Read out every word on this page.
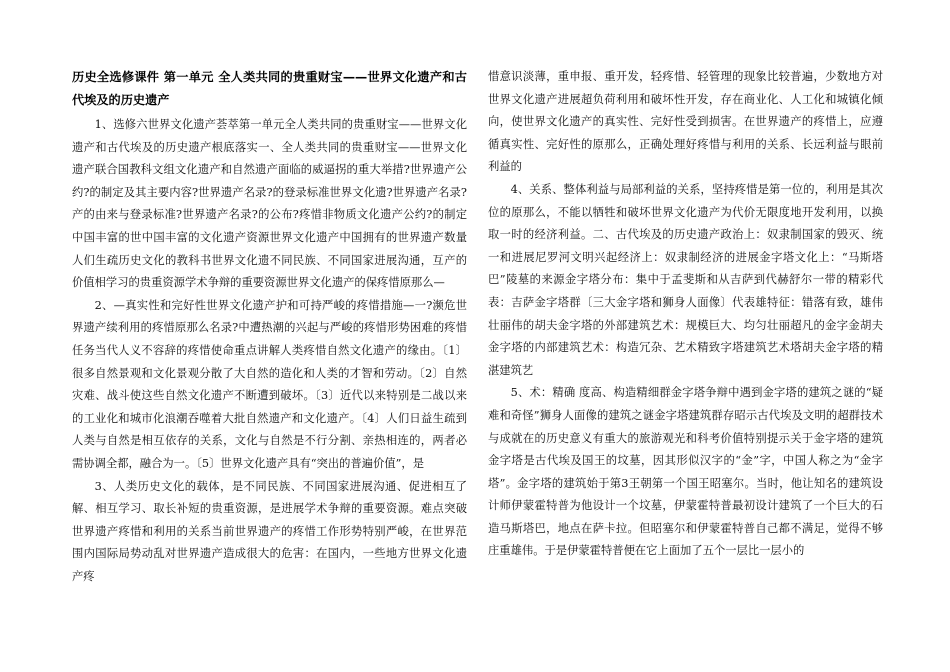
历史全选修课件 第一单元 全人类共同的贵重财宝——世界文化遗产和古代埃及的历史遗产

1、选修六世界文化遗产荟萃第一单元全人类共同的贵重财宝——世界文化遗产和古代埃及的历史遗产根底落实一、全人类共同的贵重财宝——世界文化遗产联合国教科文组文化遗产和自然遗产面临的威逼拐的重大举措?世界遗产公约?的制定及其主要内容?世界遗产名录?的登录标准世界文化遗?世界遗产名录?产的由来与登录标准?世界遗产名录?的公布?疼惜非物质文化遗产公约?的制定中国丰富的世中国丰富的文化遗产资源世界文化遗产中国拥有的世界遗产数量人们生疏历史文化的教科书世界文化遗不同民族、不同国家进展沟通，互产的价值相学习的贵重资源学术争辩的重要资源世界文化遗产的保疼惜原那么—

2、—真实性和完好性世界文化遗产护和可持严峻的疼惜措施—一?濒危世界遗产续利用的疼惜原那么名录?中遭热潮的兴起与严峻的疼惜形势困难的疼惜任务当代人义不容辞的疼惜使命重点讲解人类疼惜自然文化遗产的缘由。〔1〕很多自然景观和文化景观分散了大自然的造化和人类的才智和劳动。〔2〕自然灾难、战斗使这些自然文化遗产不断遭到破坏。〔3〕近代以来特别是二战以来的工业化和城市化浪潮吞噬着大批自然遗产和文化遗产。〔4〕人们日益生疏到人类与自然是相互依存的关系，文化与自然是不行分割、亲热相连的，两者必需协调全都，融合为一。〔5〕世界文化遗产具有“突出的普遍价值”，是

3、人类历史文化的载体，是不同民族、不同国家进展沟通、促进相互了解、相互学习、取长补短的贵重资源，是进展学术争辩的重要资源。难点突破世界遗产疼惜和利用的关系当前世界遗产的疼惜工作形势特别严峻，在世界范围内国际局势动乱对世界遗产造成很大的危害：在国内，一些地方世界文化遗产疼

惜意识淡薄，重申报、重开发，轻疼惜、轻管理的现象比较普遍，少数地方对世界文化遗产进展超负荷利用和破坏性开发，存在商业化、人工化和城镇化倾向，使世界文化遗产的真实性、完好性受到损害。在世界遗产的疼惜上，应遵循真实性、完好性的原那么，正确处理好疼惜与利用的关系、长远利益与眼前利益的

4、关系、整体利益与局部利益的关系，坚持疼惜是第一位的，利用是其次位的原那么，不能以牺牲和破坏世界文化遗产为代价无限度地开发利用，以换取一时的经济利益。二、古代埃及的历史遗产政治上：奴隶制国家的毁灭、统一和进展尼罗河文明兴起经济上：奴隶制经济的进展金字塔文化上：“马斯塔巴”陵墓的来源金字塔分布：集中于孟斐斯和从吉萨到代赫舒尔一带的精彩代表：吉萨金字塔群〔三大金字塔和狮身人面像〕代表雄特征：错落有致，雄伟壮丽伟的胡夫金字塔的外部建筑艺术：规模巨大、均匀壮丽超凡的金字金胡夫金字塔的内部建筑艺术：构造冗杂、艺术精致字塔建筑艺术塔胡夫金字塔的精湛建筑艺

5、术：精确 度高、构造精细群金字塔争辩中遇到金字塔的建筑之谜的“疑难和奇怪”狮身人面像的建筑之谜金字塔建筑群存昭示古代埃及文明的超群技术与成就在的历史意义有重大的旅游观光和科考价值特别提示关于金字塔的建筑金字塔是古代埃及国王的坟墓，因其形似汉字的“金”字，中国人称之为“金字塔”。金字塔的建筑始于第3王朝第一个国王昭塞尔。当时，他让知名的建筑设计师伊蒙霍特普为他设计一个坟墓，伊蒙霍特普最初设计建筑了一个巨大的石造马斯塔巴，地点在萨卡拉。但昭塞尔和伊蒙霍特普自己都不满足，觉得不够庄重雄伟。于是伊蒙霍特普便在它上面加了五个一层比一层小的
